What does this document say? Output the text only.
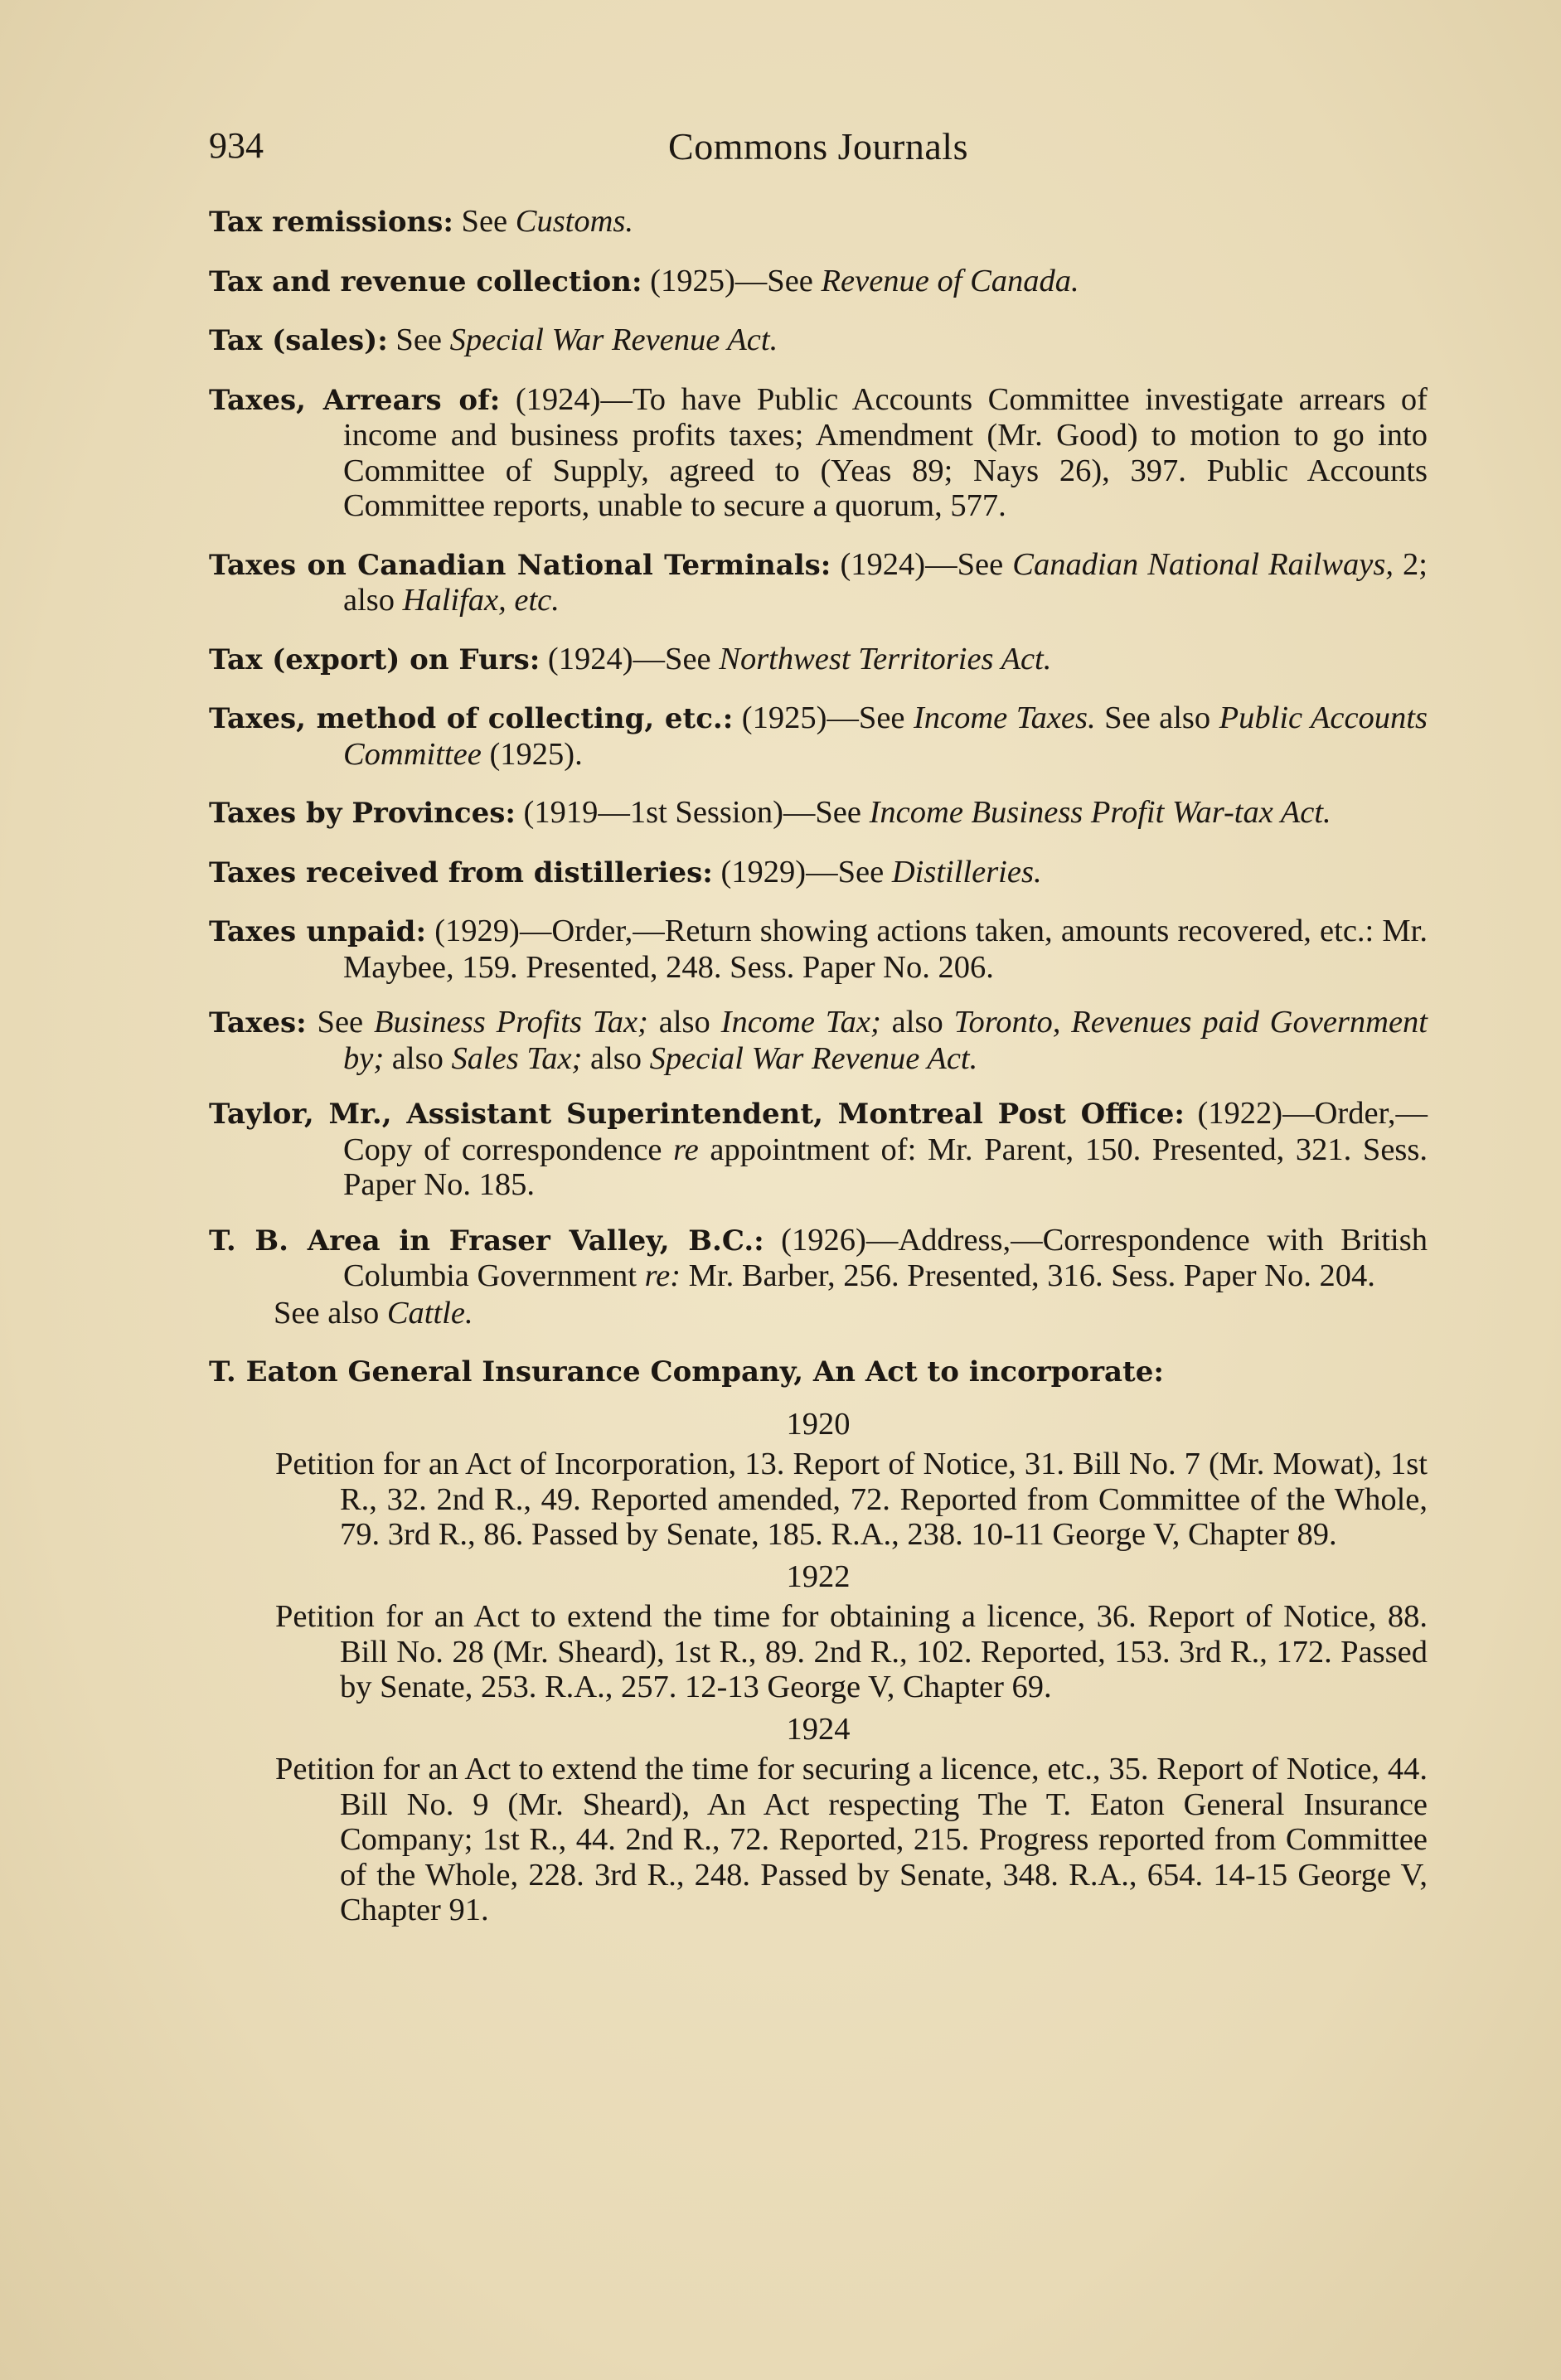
934	Commons Journals

Tax remissions: See Customs.

Tax and revenue collection: (1925)—See Revenue of Canada.

Tax (sales): See Special War Revenue Act.

Taxes, Arrears of: (1924)—To have Public Accounts Committee investigate arrears of income and business profits taxes; Amendment (Mr. Good) to motion to go into Committee of Supply, agreed to (Yeas 89; Nays 26), 397. Public Accounts Committee reports, unable to secure a quorum, 577.

Taxes on Canadian National Terminals: (1924)—See Canadian National Railways, 2; also Halifax, etc.

Tax (export) on Furs: (1924)—See Northwest Territories Act.

Taxes, method of collecting, etc.: (1925)—See Income Taxes. See also Public Accounts Committee (1925).

Taxes by Provinces: (1919—1st Session)—See Income Business Profit War-tax Act.

Taxes received from distilleries: (1929)—See Distilleries.

Taxes unpaid: (1929)—Order,—Return showing actions taken, amounts recovered, etc.: Mr. Maybee, 159. Presented, 248. Sess. Paper No. 206.

Taxes: See Business Profits Tax; also Income Tax; also Toronto, Revenues paid Government by; also Sales Tax; also Special War Revenue Act.

Taylor, Mr., Assistant Superintendent, Montreal Post Office: (1922)—Order,—Copy of correspondence re appointment of: Mr. Parent, 150. Presented, 321. Sess. Paper No. 185.

T. B. Area in Fraser Valley, B.C.: (1926)—Address,—Correspondence with British Columbia Government re: Mr. Barber, 256. Presented, 316. Sess. Paper No. 204.

See also Cattle.

T. Eaton General Insurance Company, An Act to incorporate:

1920

Petition for an Act of Incorporation, 13. Report of Notice, 31. Bill No. 7 (Mr. Mowat), 1st R., 32. 2nd R., 49. Reported amended, 72. Reported from Committee of the Whole, 79. 3rd R., 86. Passed by Senate, 185. R.A., 238. 10-11 George V, Chapter 89.

1922

Petition for an Act to extend the time for obtaining a licence, 36. Report of Notice, 88. Bill No. 28 (Mr. Sheard), 1st R., 89. 2nd R., 102. Reported, 153. 3rd R., 172. Passed by Senate, 253. R.A., 257. 12-13 George V, Chapter 69.

1924

Petition for an Act to extend the time for securing a licence, etc., 35. Report of Notice, 44. Bill No. 9 (Mr. Sheard), An Act respecting The T. Eaton General Insurance Company; 1st R., 44. 2nd R., 72. Reported, 215. Progress reported from Committee of the Whole, 228. 3rd R., 248. Passed by Senate, 348. R.A., 654. 14-15 George V, Chapter 91.
